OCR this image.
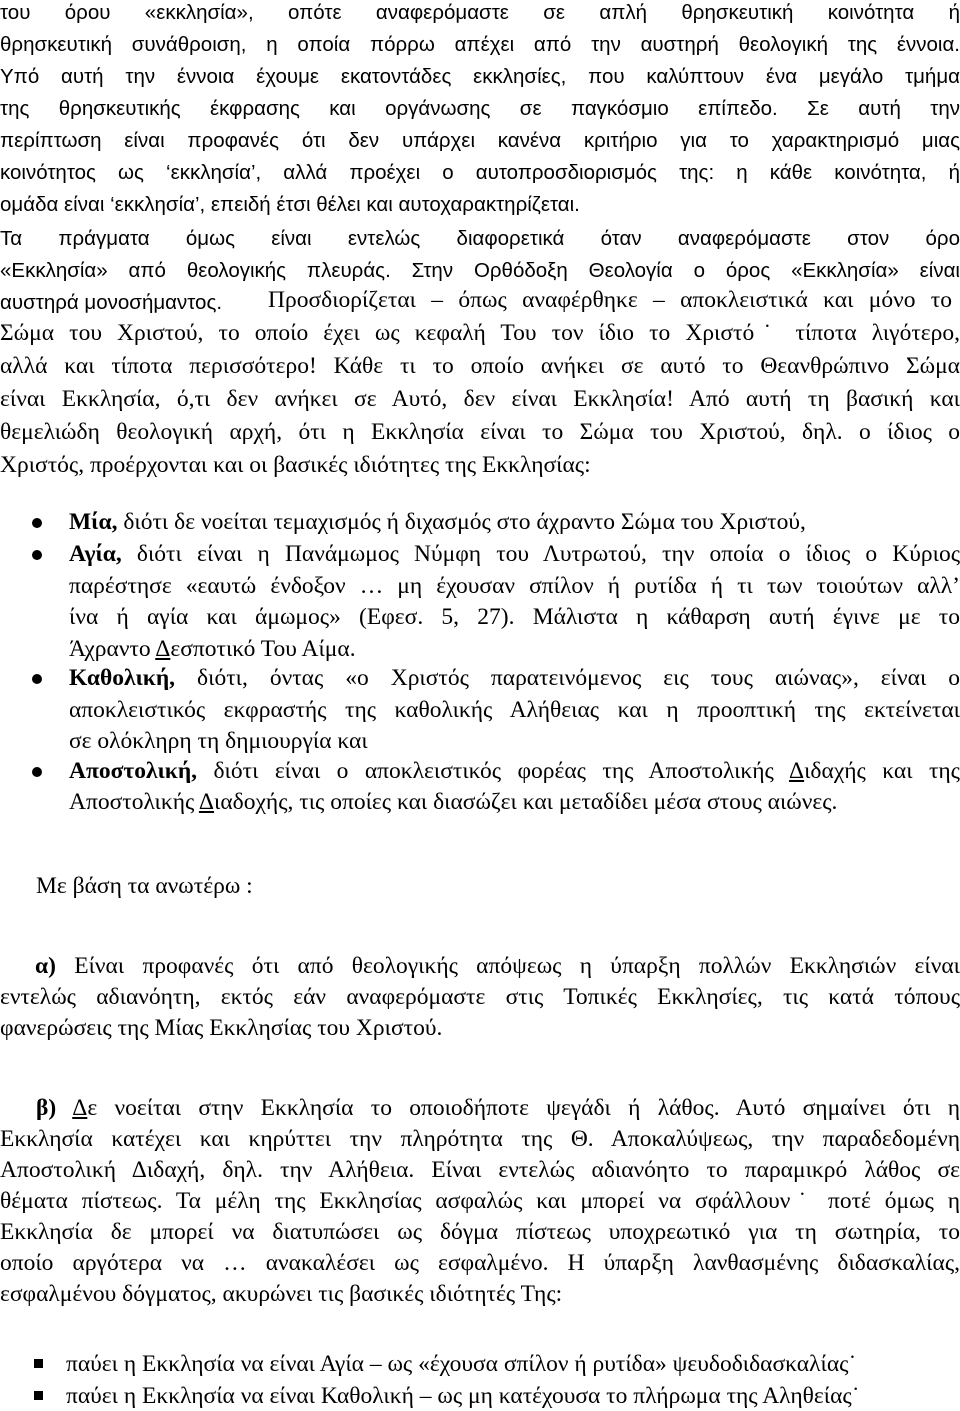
του όρου «εκκλησία», οπότε αναφερόμαστε σε απλή θρησκευτική κοινότητα ή
θρησκευτική συνάθροιση, η οποία πόρρω απέχει από την αυστηρή θεολογική της έννοια.
Υπό αυτή την έννοια έχουμε εκατοντάδες εκκλησίες, που καλύπτουν ένα μεγάλο τμήμα
της θρησκευτικής έκφρασης και οργάνωσης σε παγκόσμιο επίπεδο. Σε αυτή την
περίπτωση είναι προφανές ότι δεν υπάρχει κανένα κριτήριο για το χαρακτηρισμό μιας
κοινότητος ως ‘εκκλησία’, αλλά προέχει ο αυτοπροσδιορισμός της: η κάθε κοινότητα, ή
ομάδα είναι ‘εκκλησία’, επειδή έτσι θέλει και αυτοχαρακτηρίζεται.
Τα πράγματα όμως είναι εντελώς διαφορετικά όταν αναφερόμαστε στον όρο
«Εκκλησία» από θεολογικής πλευράς. Στην Ορθόδοξη Θεολογία ο όρος «Εκκλησία» είναι
αυστηρά μονοσήμαντος. Προσδιορίζεται – όπως αναφέρθηκε – αποκλειστικά και μόνο το
Σώμα του Χριστού, το οποίο έχει ως κεφαλή Του τον ίδιο το Χριστό˙ τίποτα λιγότερο,
αλλά και τίποτα περισσότερο! Κάθε τι το οποίο ανήκει σε αυτό το Θεανθρώπινο Σώμα
είναι Εκκλησία, ό,τι δεν ανήκει σε Αυτό, δεν είναι Εκκλησία! Από αυτή τη βασική και
θεμελιώδη θεολογική αρχή, ότι η Εκκλησία είναι το Σώμα του Χριστού, δηλ. ο ίδιος ο
Χριστός, προέρχονται και οι βασικές ιδιότητες της Εκκλησίας:
Μία, διότι δε νοείται τεμαχισμός ή διχασμός στο άχραντο Σώμα του Χριστού,
Αγία, διότι είναι η Πανάμωμος Νύμφη του Λυτρωτού, την οποία ο ίδιος ο Κύριος
παρέστησε «εαυτώ ένδοξον … μη έχουσαν σπίλον ή ρυτίδα ή τι των τοιούτων αλλ’
ίνα ή αγία και άμωμος» (Εφεσ. 5, 27). Μάλιστα η κάθαρση αυτή έγινε με το
Άχραντο Δεσποτικό Του Αίμα.
Καθολική, διότι, όντας «ο Χριστός παρατεινόμενος εις τους αιώνας», είναι ο
αποκλειστικός εκφραστής της καθολικής Αλήθειας και η προοπτική της εκτείνεται
σε ολόκληρη τη δημιουργία και
Αποστολική, διότι είναι ο αποκλειστικός φορέας της Αποστολικής Διδαχής και της
Αποστολικής Διαδοχής, τις οποίες και διασώζει και μεταδίδει μέσα στους αιώνες.
Με βάση τα ανωτέρω :
α) Είναι προφανές ότι από θεολογικής απόψεως η ύπαρξη πολλών Εκκλησιών είναι
εντελώς αδιανόητη, εκτός εάν αναφερόμαστε στις Τοπικές Εκκλησίες, τις κατά τόπους
φανερώσεις της Μίας Εκκλησίας του Χριστού.
β) Δε νοείται στην Εκκλησία το οποιοδήποτε ψεγάδι ή λάθος. Αυτό σημαίνει ότι η
Εκκλησία κατέχει και κηρύττει την πληρότητα της Θ. Αποκαλύψεως, την παραδεδομένη
Αποστολική Διδαχή, δηλ. την Αλήθεια. Είναι εντελώς αδιανόητο το παραμικρό λάθος σε
θέματα πίστεως. Τα μέλη της Εκκλησίας ασφαλώς και μπορεί να σφάλλουν˙ ποτέ όμως η
Εκκλησία δε μπορεί να διατυπώσει ως δόγμα πίστεως υποχρεωτικό για τη σωτηρία, το
οποίο αργότερα να … ανακαλέσει ως εσφαλμένο. Η ύπαρξη λανθασμένης διδασκαλίας,
εσφαλμένου δόγματος, ακυρώνει τις βασικές ιδιότητές Της:
παύει η Εκκλησία να είναι Αγία – ως «έχουσα σπίλον ή ρυτίδα» ψευδοδιδασκαλίας˙
παύει η Εκκλησία να είναι Καθολική – ως μη κατέχουσα το πλήρωμα της Αληθείας˙
